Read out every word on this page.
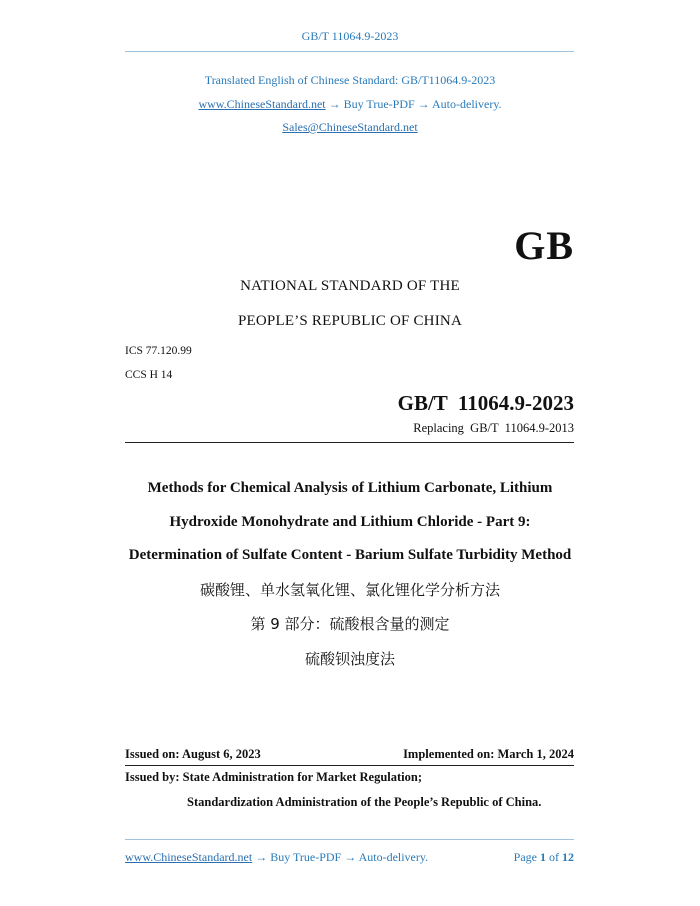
GB/T 11064.9-2023
Translated English of Chinese Standard: GB/T11064.9-2023
www.ChineseStandard.net → Buy True-PDF → Auto-delivery.
Sales@ChineseStandard.net
GB
NATIONAL STANDARD OF THE
PEOPLE’S REPUBLIC OF CHINA
ICS 77.120.99
CCS H 14
GB/T  11064.9-2023
Replacing  GB/T  11064.9-2013
Methods for Chemical Analysis of Lithium Carbonate, Lithium
Hydroxide Monohydrate and Lithium Chloride - Part 9:
Determination of Sulfate Content - Barium Sulfate Turbidity Method
碳酸锂、单水氢氧化锂、氯化锂化学分析方法
第 9 部分：硫酸根含量的测定
硫酸钡浊度法
Issued on: August 6, 2023	Implemented on: March 1, 2024
Issued by: State Administration for Market Regulation;
Standardization Administration of the People’s Republic of China.
www.ChineseStandard.net → Buy True-PDF → Auto-delivery.	Page 1 of 12
